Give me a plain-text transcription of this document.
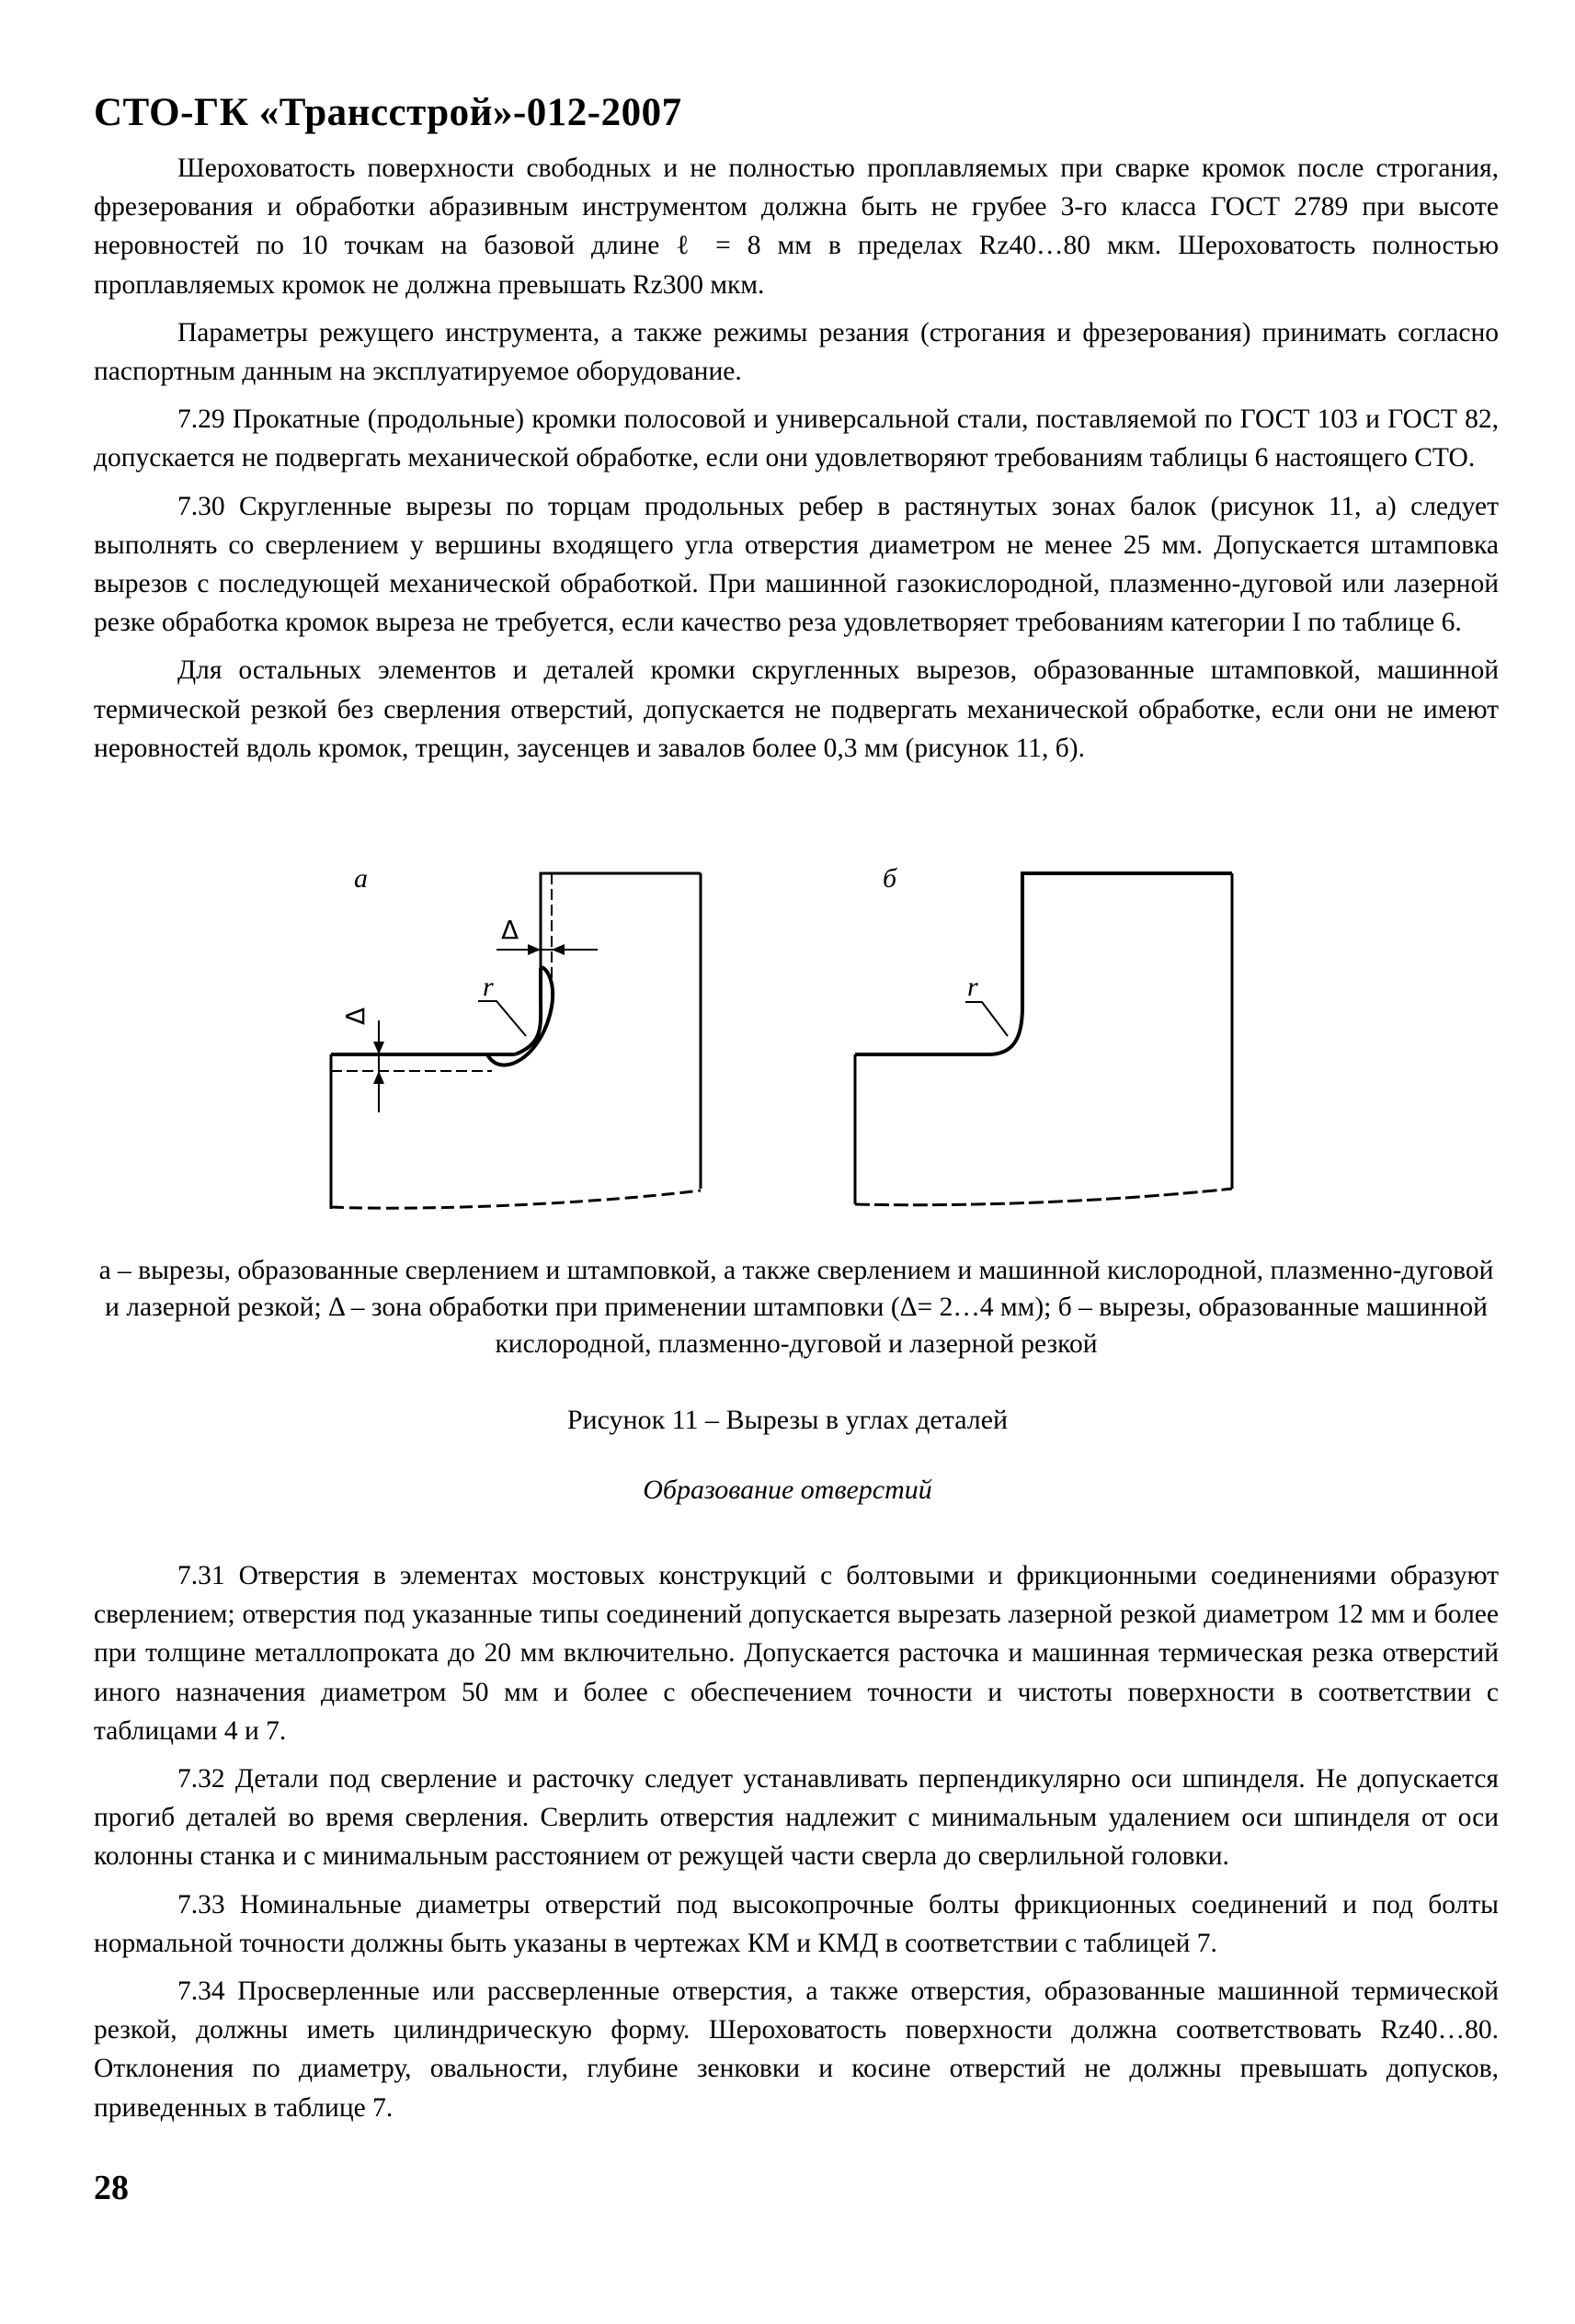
СТО-ГК «Трансстрой»-012-2007

Шероховатость поверхности свободных и не полностью проплавляемых при сварке кромок после строгания, фрезерования и обработки абразивным инструментом должна быть не грубее 3-го класса ГОСТ 2789 при высоте неровностей по 10 точкам на базовой длине ℓ = 8 мм в пределах Rz40…80 мкм. Шероховатость полностью проплавляемых кромок не должна превышать Rz300 мкм.

Параметры режущего инструмента, а также режимы резания (строгания и фрезерования) принимать согласно паспортным данным на эксплуатируемое оборудование.

7.29 Прокатные (продольные) кромки полосовой и универсальной стали, поставляемой по ГОСТ 103 и ГОСТ 82, допускается не подвергать механической обработке, если они удовлетворяют требованиям таблицы 6 настоящего СТО.

7.30 Скругленные вырезы по торцам продольных ребер в растянутых зонах балок (рисунок 11, а) следует выполнять со сверлением у вершины входящего угла отверстия диаметром не менее 25 мм. Допускается штамповка вырезов с последующей механической обработкой. При машинной газокислородной, плазменно-дуговой или лазерной резке обработка кромок выреза не требуется, если качество реза удовлетворяет требованиям категории I по таблице 6.

Для остальных элементов и деталей кромки скругленных вырезов, образованные штамповкой, машинной термической резкой без сверления отверстий, допускается не подвергать механической обработке, если они не имеют неровностей вдоль кромок, трещин, заусенцев и завалов более 0,3 мм (рисунок 11, б).

а
Δ
Δ
r
б
r
а – вырезы, образованные сверлением и штамповкой, а также сверлением и машинной кислородной, плазменно-дуговой и лазерной резкой; Δ – зона обработки при применении штамповки (Δ= 2…4 мм); б – вырезы, образованные машинной кислородной, плазменно-дуговой и лазерной резкой
Рисунок 11 – Вырезы в углах деталей
Образование отверстий

7.31 Отверстия в элементах мостовых конструкций с болтовыми и фрикционными соединениями образуют сверлением; отверстия под указанные типы соединений допускается вырезать лазерной резкой диаметром 12 мм и более при толщине металлопроката до 20 мм включительно. Допускается расточка и машинная термическая резка отверстий иного назначения диаметром 50 мм и более с обеспечением точности и чистоты поверхности в соответствии с таблицами 4 и 7.

7.32 Детали под сверление и расточку следует устанавливать перпендикулярно оси шпинделя. Не допускается прогиб деталей во время сверления. Сверлить отверстия надлежит с минимальным удалением оси шпинделя от оси колонны станка и с минимальным расстоянием от режущей части сверла до сверлильной головки.

7.33 Номинальные диаметры отверстий под высокопрочные болты фрикционных соединений и под болты нормальной точности должны быть указаны в чертежах КМ и КМД в соответствии с таблицей 7.

7.34 Просверленные или рассверленные отверстия, а также отверстия, образованные машинной термической резкой, должны иметь цилиндрическую форму. Шероховатость поверхности должна соответствовать Rz40…80. Отклонения по диаметру, овальности, глубине зенковки и косине отверстий не должны превышать допусков, приведенных в таблице 7.

28
